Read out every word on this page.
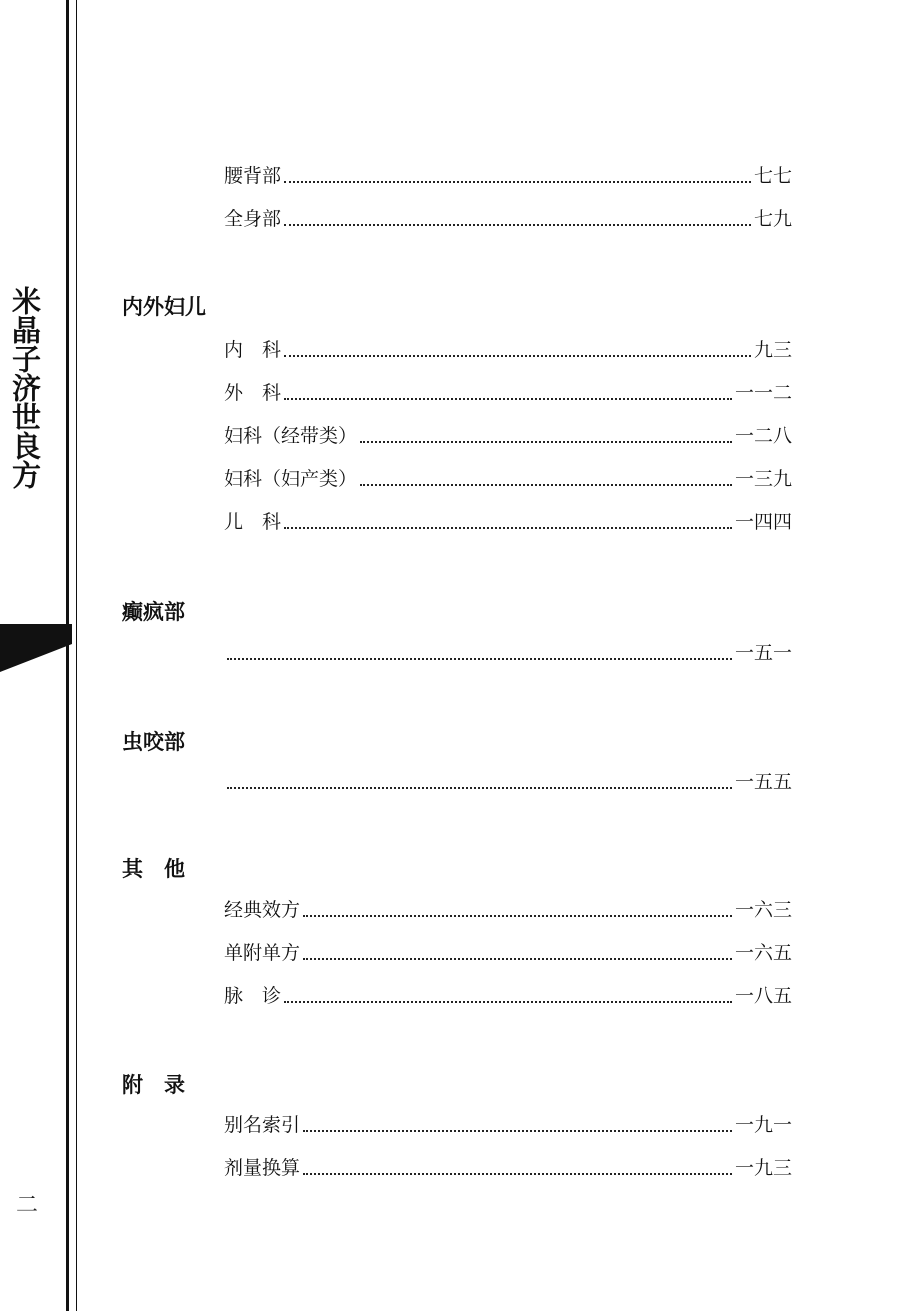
米晶子济世良方
二
腰背部	七七
全身部	七九
内外妇儿
内　科	九三
外　科	一一二
妇科（经带类）	一二八
妇科（妇产类）	一三九
儿　科	一四四
癫疯部
一五一
虫咬部
一五五
其　他
经典效方	一六三
单附单方	一六五
脉　诊	一八五
附　录
别名索引	一九一
剂量换算	一九三
